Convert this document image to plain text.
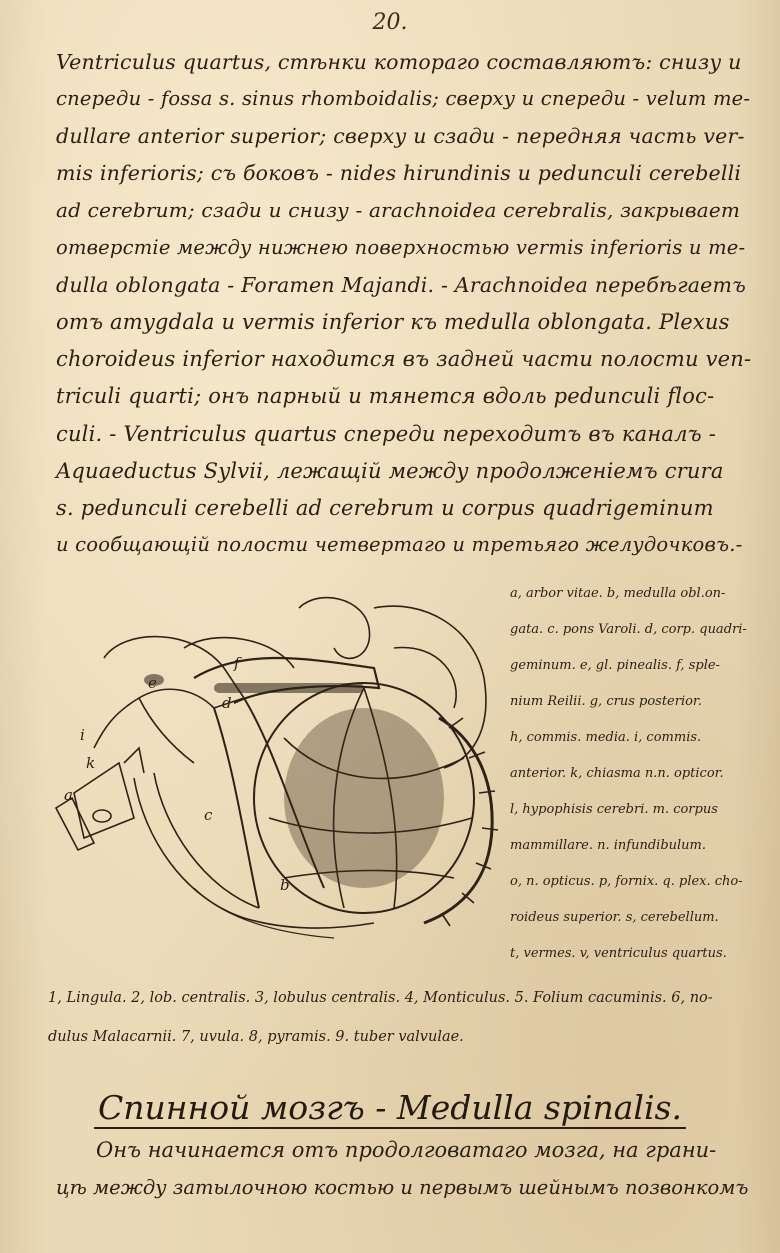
20.
Ventriculus quartus, стѣнки котораго составляютъ: снизу и
спереди - fossa s. sinus rhomboidalis; сверху и спереди - velum me-
dullare anterior superior; сверху и сзади - передняя часть ver-
mis inferioris; съ боковъ - nides hirundinis и pedunculi cerebelli
ad cerebrum; сзади и снизу - arachnoidea cerebralis, закрывает
отверстіе между нижнею поверхностью vermis inferioris и me-
dulla oblongata - Foramen Majandi. - Arachnoidea перебѣгаетъ
отъ amygdala и vermis inferior къ medulla oblongata. Plexus
choroideus inferior находится въ задней части полости ven-
triculi quarti; онъ парный и тянется вдоль pedunculi floc-
culi. - Ventriculus quartus спереди переходитъ въ каналъ -
Aquaeductus Sylvii, лежащій между продолженіемъ crura
s. pedunculi cerebelli ad cerebrum и corpus quadrigeminum
и сообщающій полости четвертаго и третьяго желудочковъ.-
f
e
d
i
k
a
c
b
a, arbor vitae. b, medulla obl.on-
gata. c. pons Varoli. d, corp. quadri-
geminum. e, gl. pinealis. f, sple-
nium Reilii. g, crus posterior.
h, commis. media. i, commis.
anterior. k, chiasma n.n. opticor.
l, hypophisis cerebri. m. corpus
mammillare. n. infundibulum.
o, n. opticus. p, fornix. q. plex. cho-
roideus superior. s, cerebellum.
t, vermes. v, ventriculus quartus.
1, Lingula. 2, lob. centralis. 3, lobulus centralis. 4, Monticulus. 5. Folium cacuminis. 6, no-
dulus Malacarnii. 7, uvula. 8, pyramis. 9. tuber valvulae.
Спинной мозгъ - Medulla spinalis.
Онъ начинается отъ продолговатаго мозга, на грани-
цѣ между затылочною костью и первымъ шейнымъ позвонкомъ
